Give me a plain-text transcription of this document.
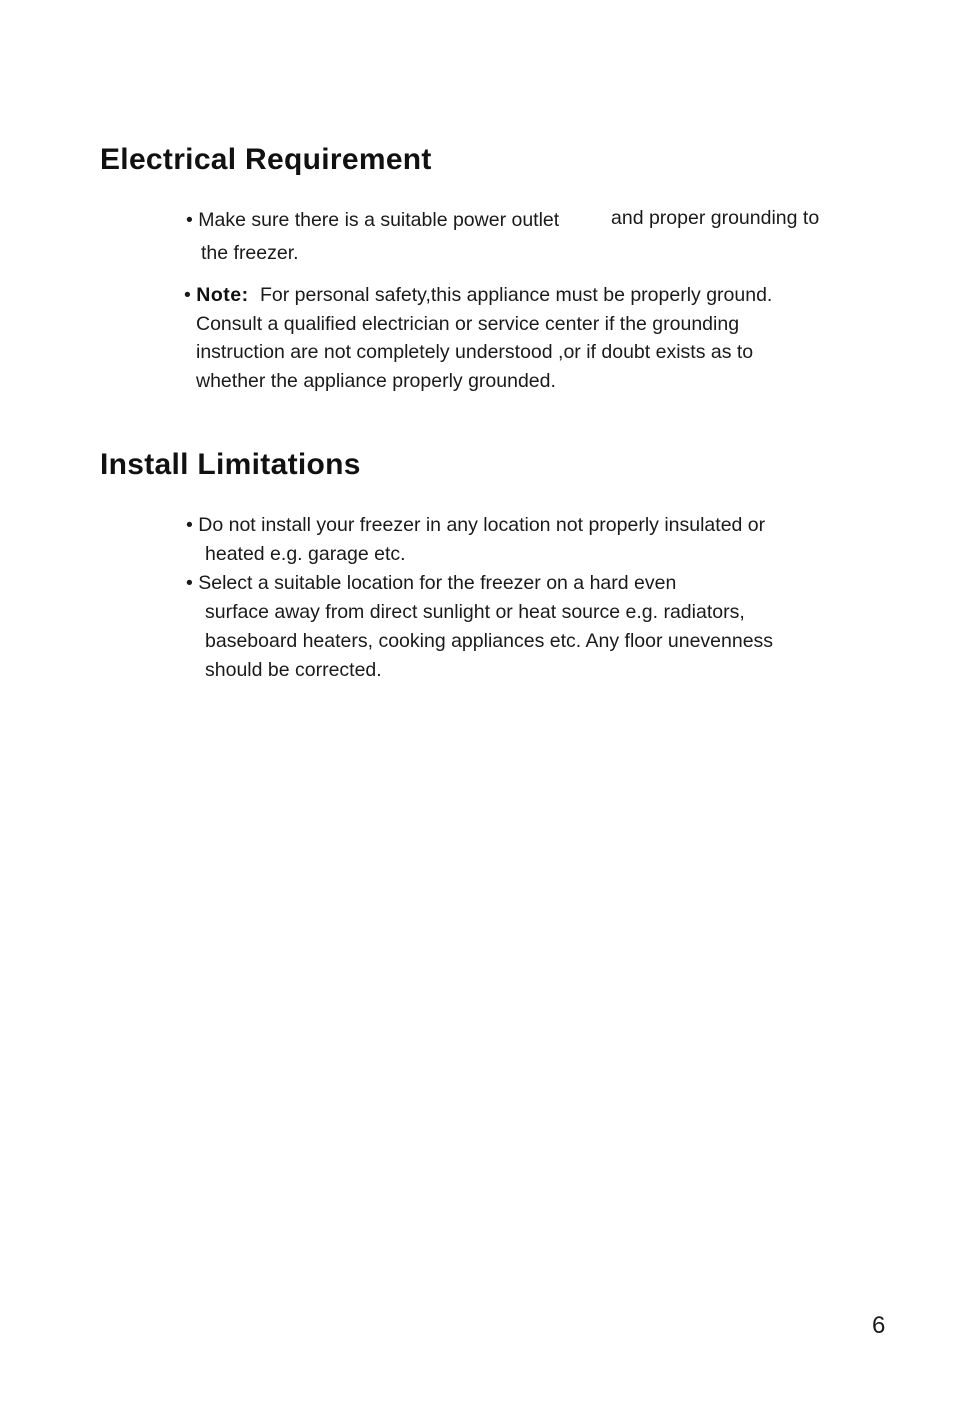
Electrical Requirement
• Make sure there is a suitable power outlet	and proper grounding to
the freezer.
• Note: For personal safety,this appliance must be properly ground.
Consult a qualified electrician or service center if the grounding
instruction are not completely understood ,or if doubt exists as to
whether the appliance properly grounded.
Install Limitations
• Do not install your freezer in any location not properly insulated or
heated e.g. garage etc.
• Select a suitable location for the freezer on a hard even
surface away from direct sunlight or heat source e.g. radiators,
baseboard heaters, cooking appliances etc. Any floor unevenness
should be corrected.
6
